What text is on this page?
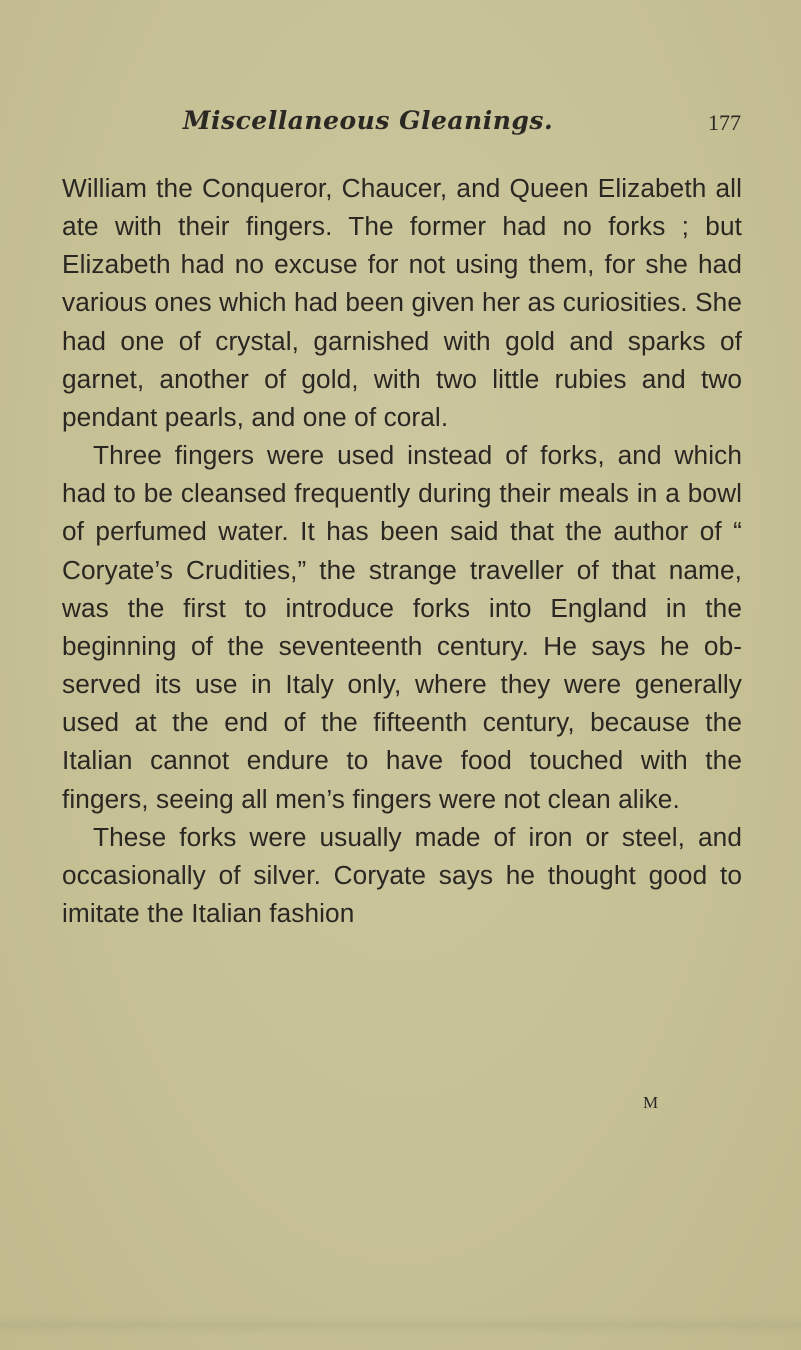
Miscellaneous Gleanings.	177

William the Conqueror, Chaucer, and Queen Elizabeth all ate with their fingers. The former had no forks ; but Elizabeth had no excuse for not using them, for she had various ones which had been given her as curiosities. She had one of crystal, garnished with gold and sparks of garnet, another of gold, with two little rubies and two pendant pearls, and one of coral.

Three fingers were used instead of forks, and which had to be cleansed frequently during their meals in a bowl of perfumed water. It has been said that the author of “ Coryate’s Crudities,” the strange traveller of that name, was the first to introduce forks into England in the beginning of the seventeenth century. He says he observed its use in Italy only, where they were generally used at the end of the fifteenth century, because the Italian cannot endure to have food touched with the fingers, seeing all men’s fingers were not clean alike.

These forks were usually made of iron or steel, and occasionally of silver. Coryate says he thought good to imitate the Italian fashion

M
